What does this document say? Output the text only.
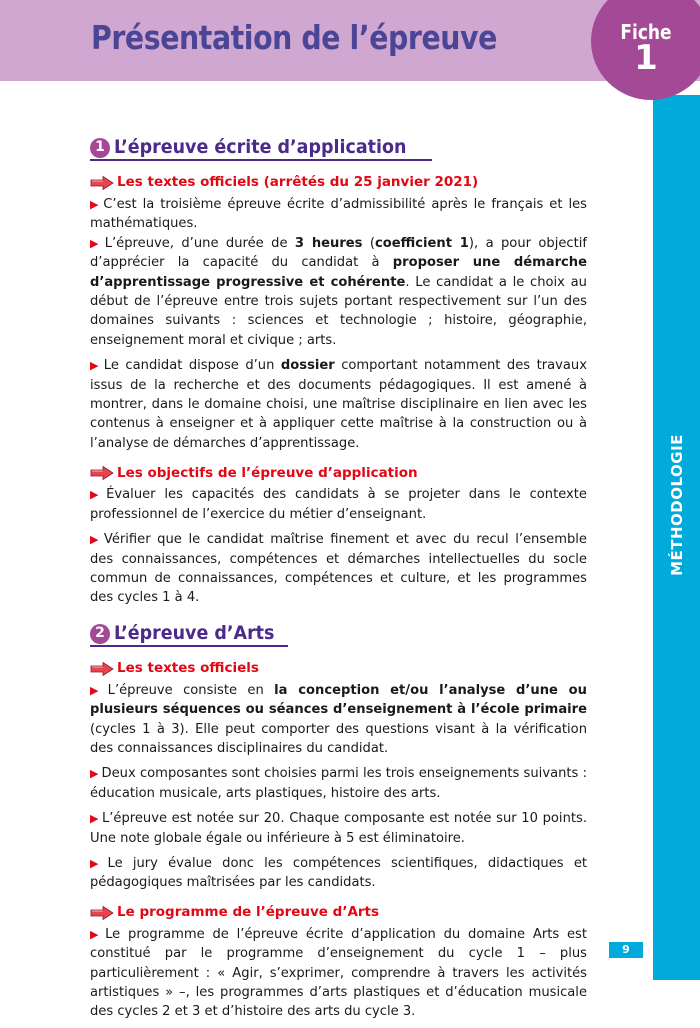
Présentation de l’épreuve
MÉTHODOLOGIE
Fiche
1
1 L’épreuve écrite d’application

Les textes officiels (arrêtés du 25 janvier 2021)

▶ C’est la troisième épreuve écrite d’admissibilité après le français et les mathématiques.

▶ L’épreuve, d’une durée de 3 heures (coefficient 1), a pour objectif d’apprécier la capacité du candidat à proposer une démarche d’apprentissage progressive et cohérente. Le candidat a le choix au début de l’épreuve entre trois sujets portant respectivement sur l’un des domaines suivants : sciences et technologie ; histoire, géographie, enseignement moral et civique ; arts.

▶ Le candidat dispose d’un dossier comportant notamment des travaux issus de la recherche et des documents pédagogiques. Il est amené à montrer, dans le domaine choisi, une maîtrise disciplinaire en lien avec les contenus à enseigner et à appliquer cette maîtrise à la construction ou à l’analyse de démarches d’apprentissage.

Les objectifs de l’épreuve d’application

▶ Évaluer les capacités des candidats à se projeter dans le contexte professionnel de l’exercice du métier d’enseignant.

▶ Vérifier que le candidat maîtrise finement et avec du recul l’ensemble des connaissances, compétences et démarches intellectuelles du socle commun de connaissances, compétences et culture, et les programmes des cycles 1 à 4.

2 L’épreuve d’Arts

Les textes officiels

▶ L’épreuve consiste en la conception et/ou l’analyse d’une ou plusieurs séquences ou séances d’enseignement à l’école primaire (cycles 1 à 3). Elle peut comporter des questions visant à la vérification des connaissances disciplinaires du candidat.

▶ Deux composantes sont choisies parmi les trois enseignements suivants : éducation musicale, arts plastiques, histoire des arts.

▶ L’épreuve est notée sur 20. Chaque composante est notée sur 10 points. Une note globale égale ou inférieure à 5 est éliminatoire.

▶ Le jury évalue donc les compétences scientifiques, didactiques et pédagogiques maîtrisées par les candidats.

Le programme de l’épreuve d’Arts

▶ Le programme de l’épreuve écrite d’application du domaine Arts est constitué par le programme d’enseignement du cycle 1 – plus particulièrement : « Agir, s’exprimer, comprendre à travers les activités artistiques » –, les programmes d’arts plastiques et d’éducation musicale des cycles 2 et 3 et d’histoire des arts du cycle 3.

9
